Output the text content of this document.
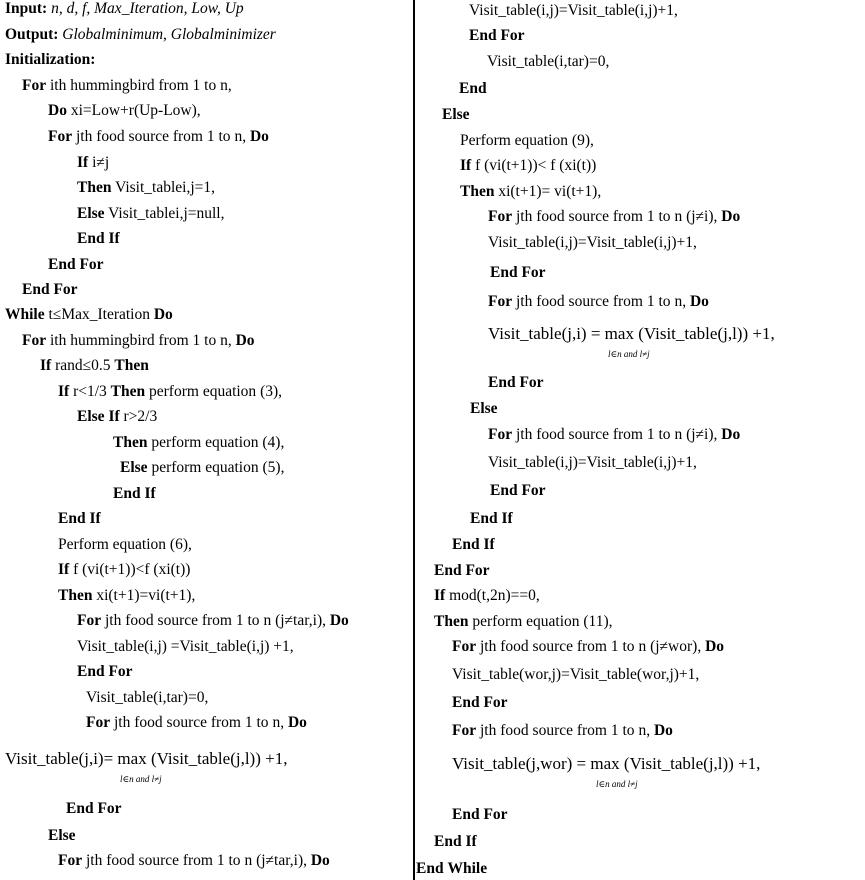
Input: n, d, f, Max_Iteration, Low, Up
Output: Globalminimum, Globalminimizer
Initialization:
For ith hummingbird from 1 to n,
Do xi=Low+r(Up-Low),
For jth food source from 1 to n, Do
If i≠j
Then Visit_tablei,j=1,
Else Visit_tablei,j=null,
End If
End For
End For
While t≤Max_Iteration Do
For ith hummingbird from 1 to n, Do
If rand≤0.5 Then
If r<1/3 Then perform equation (3),
Else If r>2/3
Then perform equation (4),
Else perform equation (5),
End If
End If
Perform equation (6),
If f (vi(t+1))<f (xi(t))
Then xi(t+1)=vi(t+1),
For jth food source from 1 to n (j≠tar,i), Do
Visit_table(i,j) =Visit_table(i,j) +1,
End For
Visit_table(i,tar)=0,
For jth food source from 1 to n, Do
Visit_table(j,i)= max (Visit_table(j,l)) +1,
l∈n and l≠j
End For
Else
For jth food source from 1 to n (j≠tar,i), Do
Visit_table(i,j)=Visit_table(i,j)+1,
End For
Visit_table(i,tar)=0,
End
Else
Perform equation (9),
If f (vi(t+1))< f (xi(t))
Then xi(t+1)= vi(t+1),
For jth food source from 1 to n (j≠i), Do
Visit_table(i,j)=Visit_table(i,j)+1,
End For
For jth food source from 1 to n, Do
Visit_table(j,i) = max (Visit_table(j,l)) +1,
l∈n and l≠j
End For
Else
For jth food source from 1 to n (j≠i), Do
Visit_table(i,j)=Visit_table(i,j)+1,
End For
End If
End If
End For
If mod(t,2n)==0,
Then perform equation (11),
For jth food source from 1 to n (j≠wor), Do
Visit_table(wor,j)=Visit_table(wor,j)+1,
End For
For jth food source from 1 to n, Do
Visit_table(j,wor) = max (Visit_table(j,l)) +1,
l∈n and l≠j
End For
End If
End While
